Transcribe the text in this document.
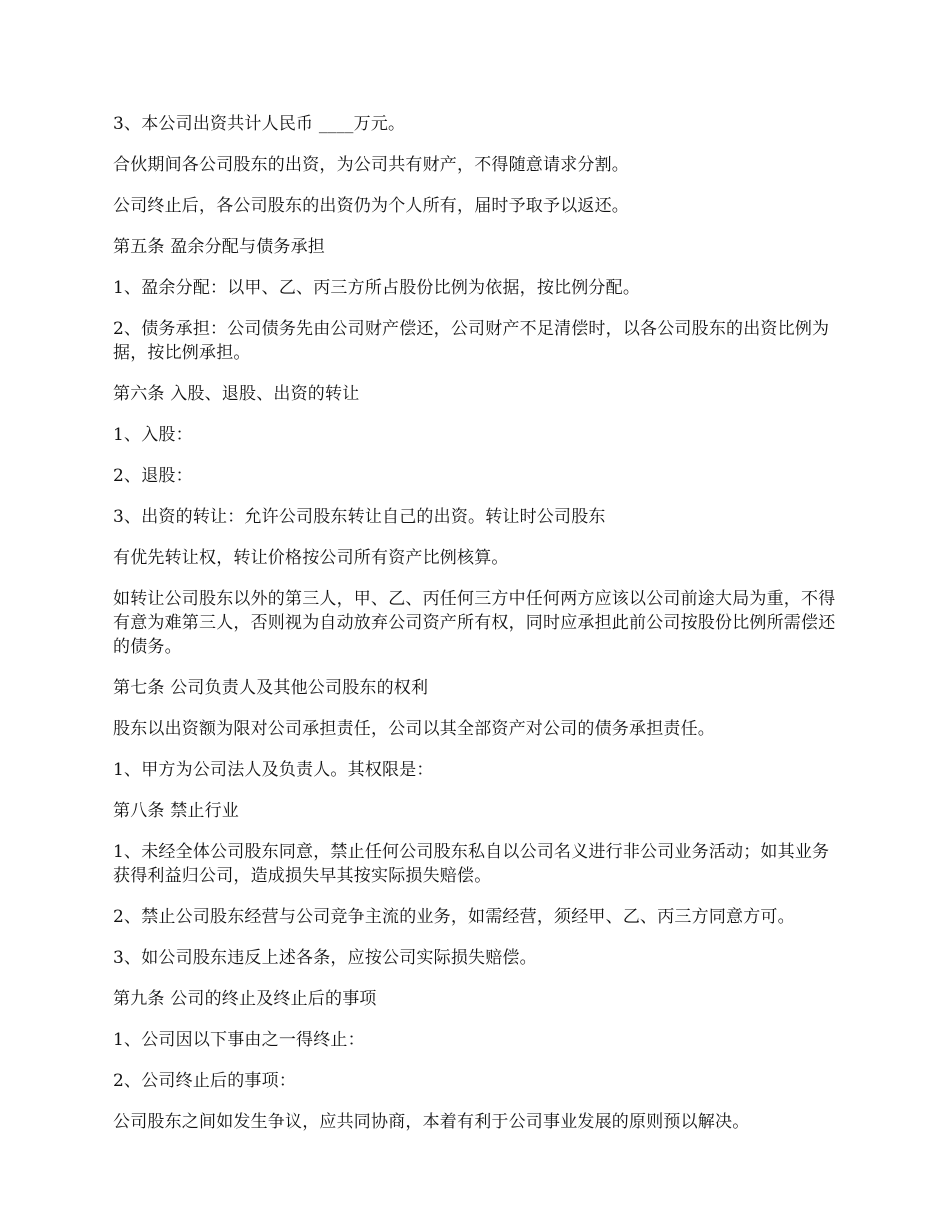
3、本公司出资共计人民币 ____万元。

合伙期间各公司股东的出资，为公司共有财产，不得随意请求分割。

公司终止后，各公司股东的出资仍为个人所有，届时予取予以返还。

第五条 盈余分配与债务承担

1、盈余分配：以甲、乙、丙三方所占股份比例为依据，按比例分配。

2、债务承担：公司债务先由公司财产偿还，公司财产不足清偿时，以各公司股东的出资比例为据，按比例承担。

第六条 入股、退股、出资的转让

1、入股：

2、退股：

3、出资的转让：允许公司股东转让自己的出资。转让时公司股东

有优先转让权，转让价格按公司所有资产比例核算。

如转让公司股东以外的第三人，甲、乙、丙任何三方中任何两方应该以公司前途大局为重，不得有意为难第三人，否则视为自动放弃公司资产所有权，同时应承担此前公司按股份比例所需偿还的债务。

第七条 公司负责人及其他公司股东的权利

股东以出资额为限对公司承担责任，公司以其全部资产对公司的债务承担责任。

1、甲方为公司法人及负责人。其权限是：

第八条 禁止行业

1、未经全体公司股东同意，禁止任何公司股东私自以公司名义进行非公司业务活动；如其业务获得利益归公司，造成损失早其按实际损失赔偿。

2、禁止公司股东经营与公司竞争主流的业务，如需经营，须经甲、乙、丙三方同意方可。

3、如公司股东违反上述各条，应按公司实际损失赔偿。

第九条 公司的终止及终止后的事项

1、公司因以下事由之一得终止：

2、公司终止后的事项：

公司股东之间如发生争议，应共同协商，本着有利于公司事业发展的原则预以解决。
